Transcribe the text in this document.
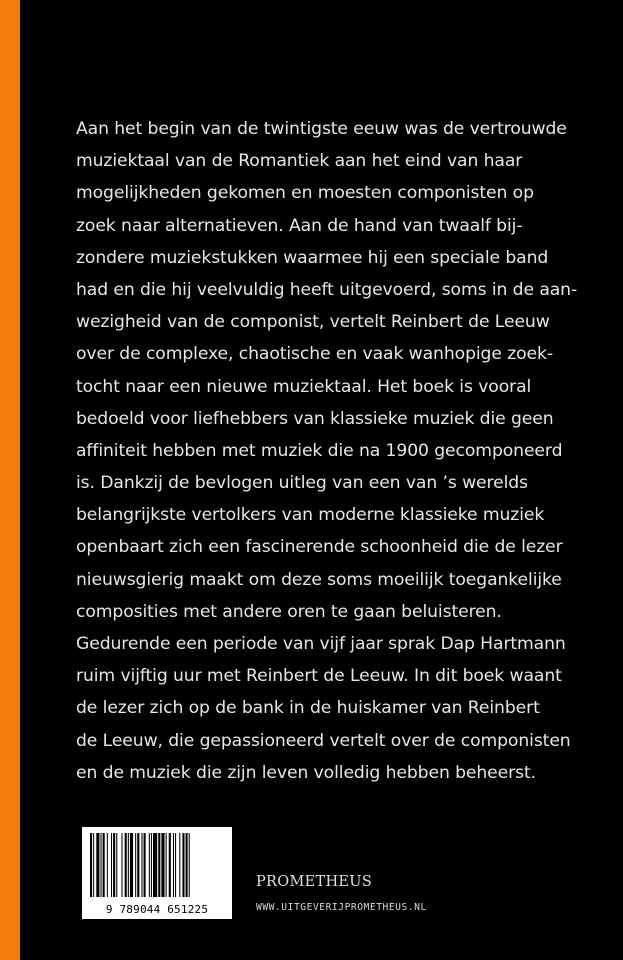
Aan het begin van de twintigste eeuw was de vertrouwde
muziektaal van de Romantiek aan het eind van haar
mogelijkheden gekomen en moesten componisten op
zoek naar alternatieven. Aan de hand van twaalf bij-
zondere muziekstukken waarmee hij een speciale band
had en die hij veelvuldig heeft uitgevoerd, soms in de aan-
wezigheid van de componist, vertelt Reinbert de Leeuw
over de complexe, chaotische en vaak wanhopige zoek-
tocht naar een nieuwe muziektaal. Het boek is vooral
bedoeld voor liefhebbers van klassieke muziek die geen
affiniteit hebben met muziek die na 1900 gecomponeerd
is. Dankzij de bevlogen uitleg van een van ’s werelds
belangrijkste vertolkers van moderne klassieke muziek
openbaart zich een fascinerende schoonheid die de lezer
nieuwsgierig maakt om deze soms moeilijk toegankelijke
composities met andere oren te gaan beluisteren.
Gedurende een periode van vijf jaar sprak Dap Hartmann
ruim vijftig uur met Reinbert de Leeuw. In dit boek waant
de lezer zich op de bank in de huiskamer van Reinbert
de Leeuw, die gepassioneerd vertelt over de componisten
en de muziek die zijn leven volledig hebben beheerst.
9 789044 651225
PROMETHEUS
WWW.UITGEVERIJPROMETHEUS.NL
